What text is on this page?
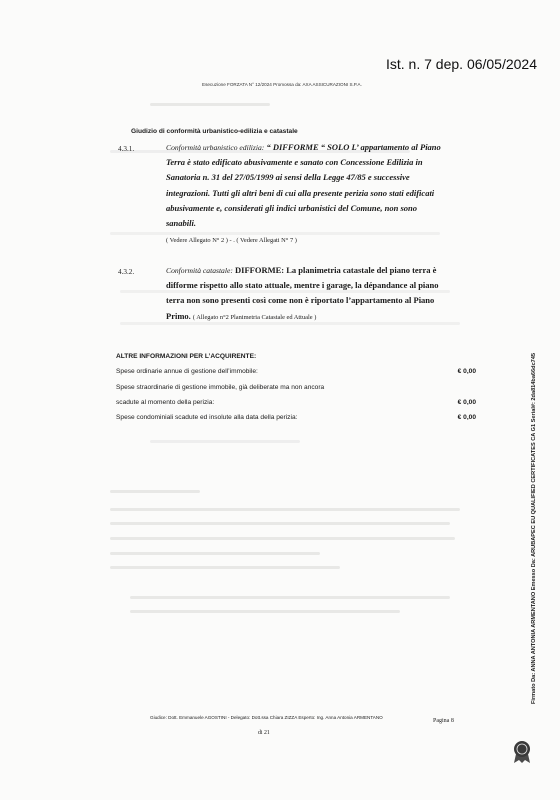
Ist. n. 7 dep. 06/05/2024
Esecuzione FORZATA N° 12/2024 Promossa da: AXA ASSICURAZIONI S.P.A.
Giudizio di conformità urbanistico-edilizia e catastale
4.3.1.	Conformità urbanistico edilizia: “ DIFFORME “ SOLO L’ appartamento al Piano
Terra è stato edificato abusivamente e sanato con Concessione Edilizia in
Sanatoria n. 31 del 27/05/1999 ai sensi della Legge 47/85 e successive
integrazioni. Tutti gli altri beni di cui alla presente perizia sono stati edificati
abusivamente e, considerati gli indici urbanistici del Comune, non sono
sanabili.
( Vedere Allegato N° 2 ) - . ( Vedere Allegati N° 7 )
4.3.2.	Conformità catastale: DIFFORME: La planimetria catastale del piano terra è
difforme rispetto allo stato attuale, mentre i garage, la dépandance al piano
terra non sono presenti così come non è riportato l’appartamento al Piano
Primo. ( Allegato n°2 Planimetria Catastale ed Attuale )
ALTRE INFORMAZIONI PER L’ACQUIRENTE:
Spese ordinarie annue di gestione dell’immobile:	€ 0,00
Spese straordinarie di gestione immobile, già deliberate ma non ancora
scadute al momento della perizia:	€ 0,00
Spese condominiali scadute ed insolute alla data della perizia:	€ 0,00
Giudice: Dott. Emmanuele AGOSTINI - Delegato: Dott.ssa Chiara ZIZZA Esperto: Ing. Anna Antonia ARMENTANO
di 21
Pagina 8
Firmato Da: ANNA ANTONIA ARMENTANO Emesso Da: ARUBAPEC EU QUALIFIED CERTIFICATES CA G1 Serial#: 2da814ba66dc745
